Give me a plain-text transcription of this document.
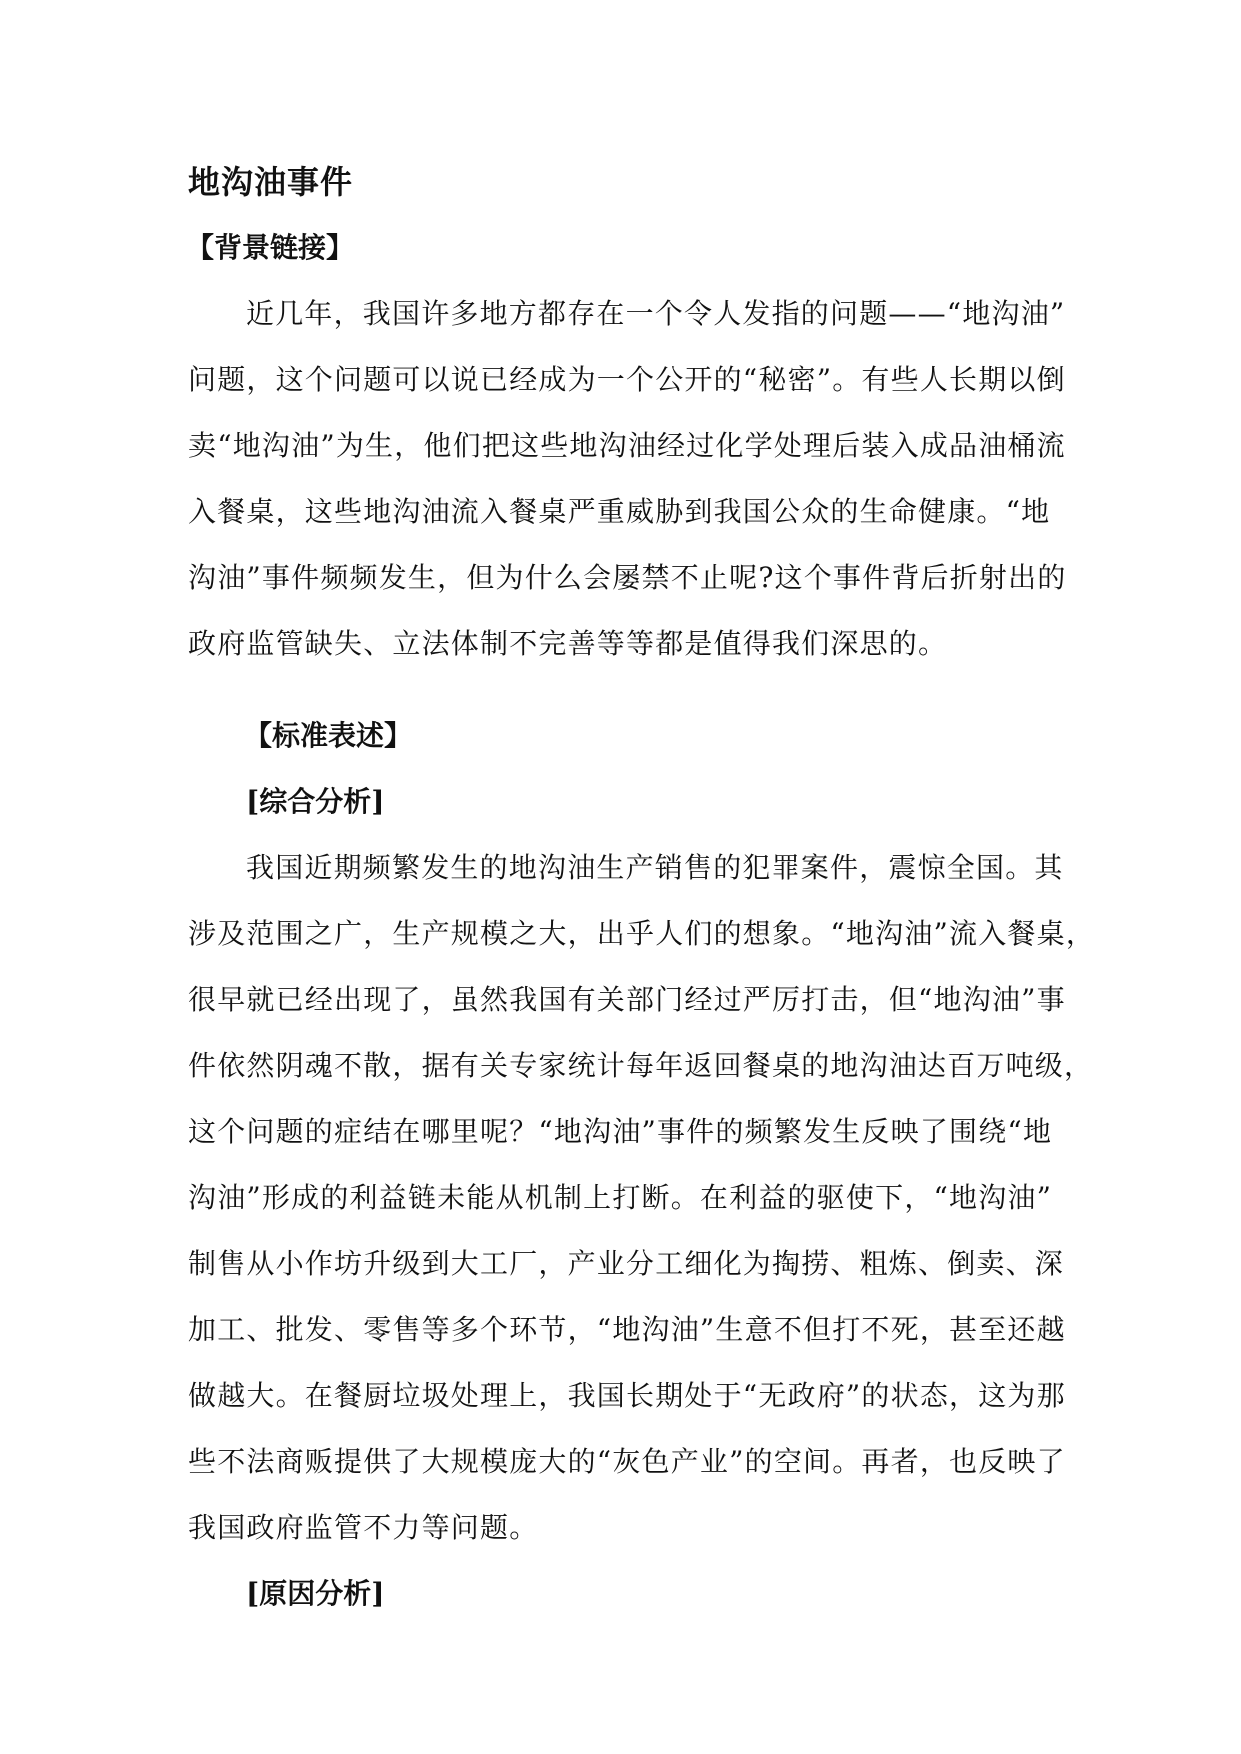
地沟油事件
【背景链接】
近几年，我国许多地方都存在一个令人发指的问题——“地沟油”
问题，这个问题可以说已经成为一个公开的“秘密”。有些人长期以倒
卖“地沟油”为生，他们把这些地沟油经过化学处理后装入成品油桶流
入餐桌，这些地沟油流入餐桌严重威胁到我国公众的生命健康。“地
沟油”事件频频发生，但为什么会屡禁不止呢?这个事件背后折射出的
政府监管缺失、立法体制不完善等等都是值得我们深思的。
【标准表述】
[综合分析]
我国近期频繁发生的地沟油生产销售的犯罪案件，震惊全国。其
涉及范围之广，生产规模之大，出乎人们的想象。“地沟油”流入餐桌，
很早就已经出现了，虽然我国有关部门经过严厉打击，但“地沟油”事
件依然阴魂不散，据有关专家统计每年返回餐桌的地沟油达百万吨级，
这个问题的症结在哪里呢？“地沟油”事件的频繁发生反映了围绕“地
沟油”形成的利益链未能从机制上打断。在利益的驱使下，“地沟油”
制售从小作坊升级到大工厂，产业分工细化为掏捞、粗炼、倒卖、深
加工、批发、零售等多个环节，“地沟油”生意不但打不死，甚至还越
做越大。在餐厨垃圾处理上，我国长期处于“无政府”的状态，这为那
些不法商贩提供了大规模庞大的“灰色产业”的空间。再者，也反映了
我国政府监管不力等问题。
[原因分析]
